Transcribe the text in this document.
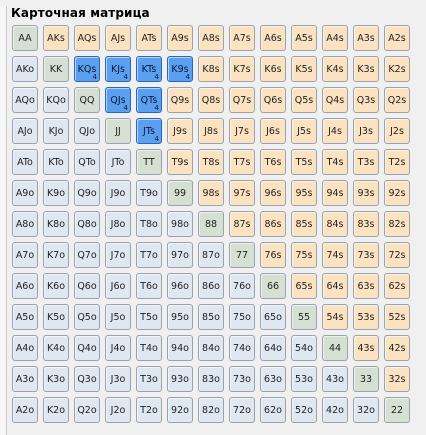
Карточная матрица
AA AKs AQs AJs ATs A9s A8s A7s A6s A5s A4s A3s A2s
AKo KK KQs
4
KJs
4
KTs
4
K9s
4
K8s K7s K6s K5s K4s K3s K2s
AQo KQo QQ QJs
4
QTs
4
Q9s Q8s Q7s Q6s Q5s Q4s Q3s Q2s
AJo KJo QJo JJ JTs
4
J9s J8s J7s J6s J5s J4s J3s J2s
ATo KTo QTo JTo TT T9s T8s T7s T6s T5s T4s T3s T2s
A9o K9o Q9o J9o T9o 99 98s 97s 96s 95s 94s 93s 92s
A8o K8o Q8o J8o T8o 98o 88 87s 86s 85s 84s 83s 82s
A7o K7o Q7o J7o T7o 97o 87o 77 76s 75s 74s 73s 72s
A6o K6o Q6o J6o T6o 96o 86o 76o 66 65s 64s 63s 62s
A5o K5o Q5o J5o T5o 95o 85o 75o 65o 55 54s 53s 52s
A4o K4o Q4o J4o T4o 94o 84o 74o 64o 54o 44 43s 42s
A3o K3o Q3o J3o T3o 93o 83o 73o 63o 53o 43o 33 32s
A2o K2o Q2o J2o T2o 92o 82o 72o 62o 52o 42o 32o 22
